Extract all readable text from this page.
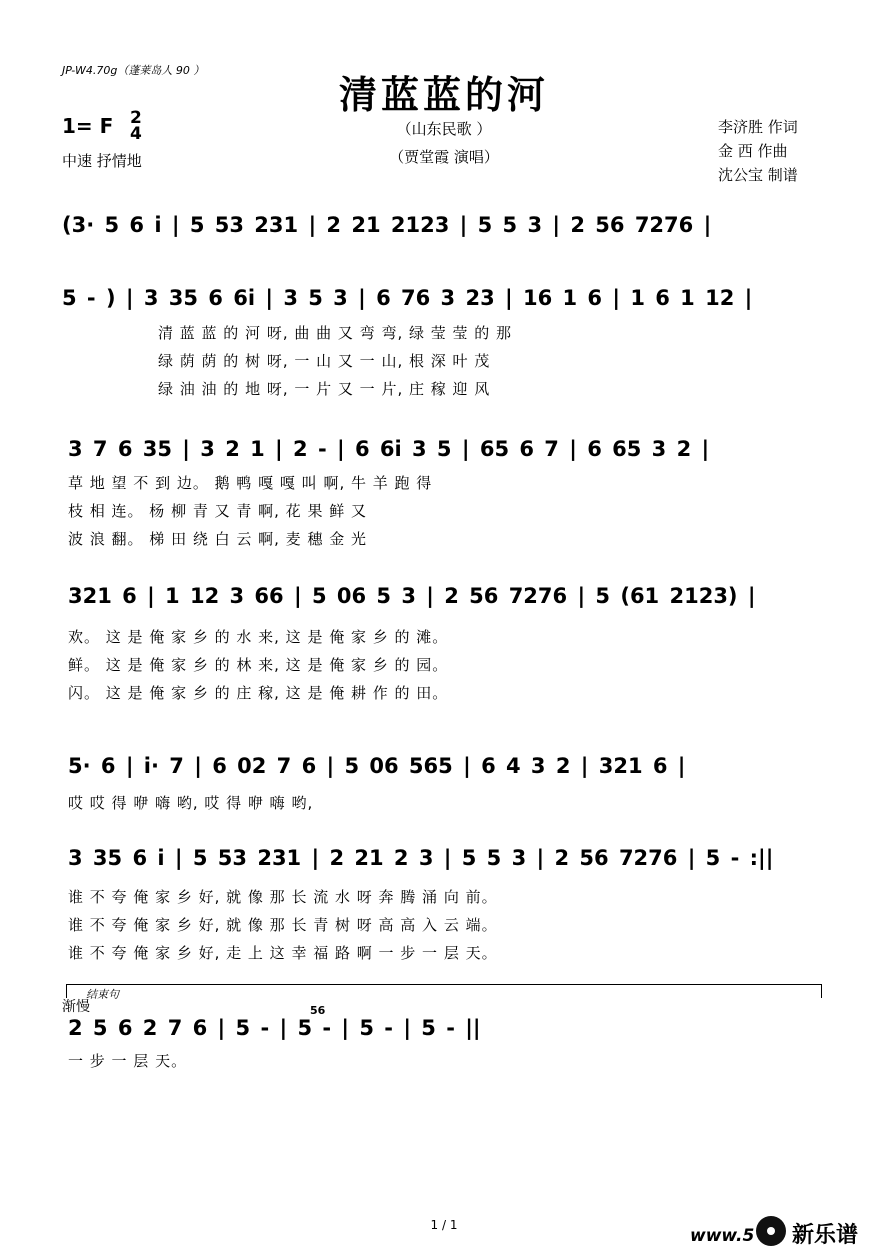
JP-W4.70g（蓬莱岛人 90 ）
清蓝蓝的河
（山东民歌 ）
（贾堂霞 演唱）
1= F 2
4
中速 抒情地
李济胜 作词
金 西 作曲
沈公宝 制谱
(3· 5 6 i | 5 53 231 | 2 21 2123 | 5 5 3 | 2 56 7276 |
5 - ) | 3 35 6 6i | 3 5 3 | 6 76 3 23 | 16 1 6 | 1 6 1 12 |
清 蓝 蓝 的 河 呀, 曲 曲 又 弯 弯, 绿 莹 莹 的 那
绿 荫 荫 的 树 呀, 一 山 又 一 山, 根 深 叶 茂
绿 油 油 的 地 呀, 一 片 又 一 片, 庄 稼 迎 风
3 7 6 35 | 3 2 1 | 2 - | 6 6i 3 5 | 65 6 7 | 6 65 3 2 |
草 地 望 不 到 边。 鹅 鸭 嘎 嘎 叫 啊, 牛 羊 跑 得
枝 相 连。 杨 柳 青 又 青 啊, 花 果 鲜 又
波 浪 翻。 梯 田 绕 白 云 啊, 麦 穗 金 光
321 6 | 1 12 3 66 | 5 06 5 3 | 2 56 7276 | 5 (61 2123) |
欢。 这 是 俺 家 乡 的 水 来, 这 是 俺 家 乡 的 滩。
鲜。 这 是 俺 家 乡 的 林 来, 这 是 俺 家 乡 的 园。
闪。 这 是 俺 家 乡 的 庄 稼, 这 是 俺 耕 作 的 田。
5· 6 | i· 7 | 6 02 7 6 | 5 06 565 | 6 4 3 2 | 321 6 |
哎 哎 得 咿 嗨 哟, 哎 得 咿 嗨 哟,
3 35 6 i | 5 53 231 | 2 21 2 3 | 5 5 3 | 2 56 7276 | 5 - :||
谁 不 夸 俺 家 乡 好, 就 像 那 长 流 水 呀 奔 腾 涌 向 前。
谁 不 夸 俺 家 乡 好, 就 像 那 长 青 树 呀 高 高 入 云 端。
谁 不 夸 俺 家 乡 好, 走 上 这 幸 福 路 啊 一 步 一 层 天。
结束句
渐慢	56
2 5 6 2 7 6 | 5 - | 5 - | 5 - | 5 - ||
一 步 一 层 天。
1 / 1
www.5 新乐谱
